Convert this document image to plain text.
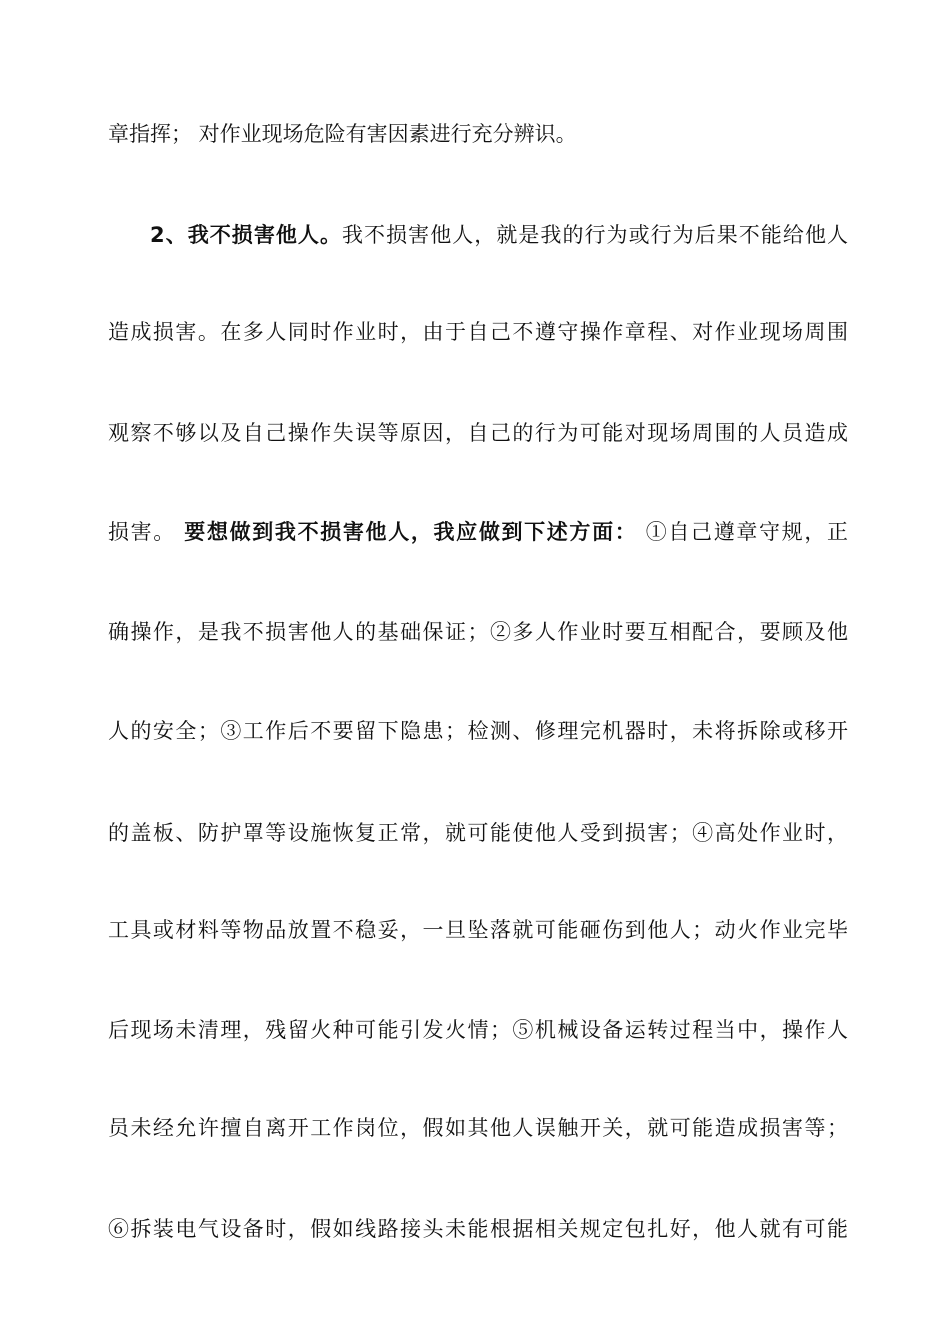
章指挥； 对作业现场危险有害因素进行充分辨识。
2、我不损害他人。我不损害他人，就是我的行为或行为后果不能给他人
造成损害。在多人同时作业时，由于自己不遵守操作章程、对作业现场周围
观察不够以及自己操作失误等原因，自己的行为可能对现场周围的人员造成
损害。 要想做到我不损害他人，我应做到下述方面： ①自己遵章守规，正
确操作，是我不损害他人的基础保证；②多人作业时要互相配合，要顾及他
人的安全；③工作后不要留下隐患；检测、修理完机器时，未将拆除或移开
的盖板、防护罩等设施恢复正常，就可能使他人受到损害；④高处作业时，
工具或材料等物品放置不稳妥，一旦坠落就可能砸伤到他人；动火作业完毕
后现场未清理，残留火种可能引发火情；⑤机械设备运转过程当中，操作人
员未经允许擅自离开工作岗位，假如其他人误触开关，就可能造成损害等；
⑥拆装电气设备时，假如线路接头未能根据相关规定包扎好，他人就有可能
